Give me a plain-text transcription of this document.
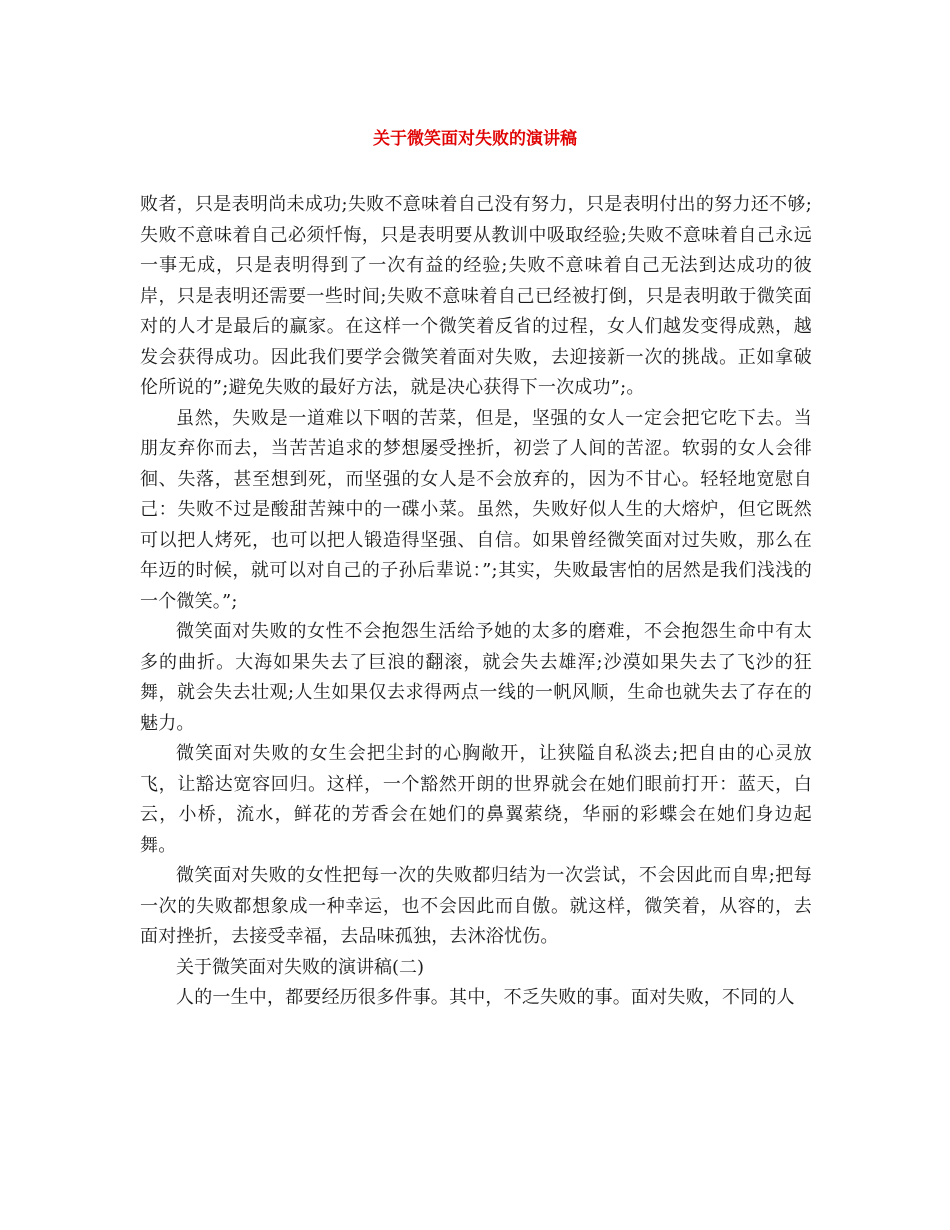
关于微笑面对失败的演讲稿

败者，只是表明尚未成功;失败不意味着自己没有努力，只是表明付出的努力还不够;失败不意味着自己必须忏悔，只是表明要从教训中吸取经验;失败不意味着自己永远一事无成，只是表明得到了一次有益的经验;失败不意味着自己无法到达成功的彼岸，只是表明还需要一些时间;失败不意味着自己已经被打倒，只是表明敢于微笑面对的人才是最后的赢家。在这样一个微笑着反省的过程，女人们越发变得成熟，越发会获得成功。因此我们要学会微笑着面对失败，去迎接新一次的挑战。正如拿破伦所说的”;避免失败的最好方法，就是决心获得下一次成功”;。

虽然，失败是一道难以下咽的苦菜，但是，坚强的女人一定会把它吃下去。当朋友弃你而去，当苦苦追求的梦想屡受挫折，初尝了人间的苦涩。软弱的女人会徘徊、失落，甚至想到死，而坚强的女人是不会放弃的，因为不甘心。轻轻地宽慰自己：失败不过是酸甜苦辣中的一碟小菜。虽然，失败好似人生的大熔炉，但它既然可以把人烤死，也可以把人锻造得坚强、自信。如果曾经微笑面对过失败，那么在年迈的时候，就可以对自己的子孙后辈说：”;其实，失败最害怕的居然是我们浅浅的一个微笑。”;

微笑面对失败的女性不会抱怨生活给予她的太多的磨难，不会抱怨生命中有太多的曲折。大海如果失去了巨浪的翻滚，就会失去雄浑;沙漠如果失去了飞沙的狂舞，就会失去壮观;人生如果仅去求得两点一线的一帆风顺，生命也就失去了存在的魅力。

微笑面对失败的女生会把尘封的心胸敞开，让狭隘自私淡去;把自由的心灵放飞，让豁达宽容回归。这样，一个豁然开朗的世界就会在她们眼前打开：蓝天，白云，小桥，流水，鲜花的芳香会在她们的鼻翼萦绕，华丽的彩蝶会在她们身边起舞。

微笑面对失败的女性把每一次的失败都归结为一次尝试，不会因此而自卑;把每一次的失败都想象成一种幸运，也不会因此而自傲。就这样，微笑着，从容的，去面对挫折，去接受幸福，去品味孤独，去沐浴忧伤。

关于微笑面对失败的演讲稿(二)

人的一生中，都要经历很多件事。其中，不乏失败的事。面对失败，不同的人
